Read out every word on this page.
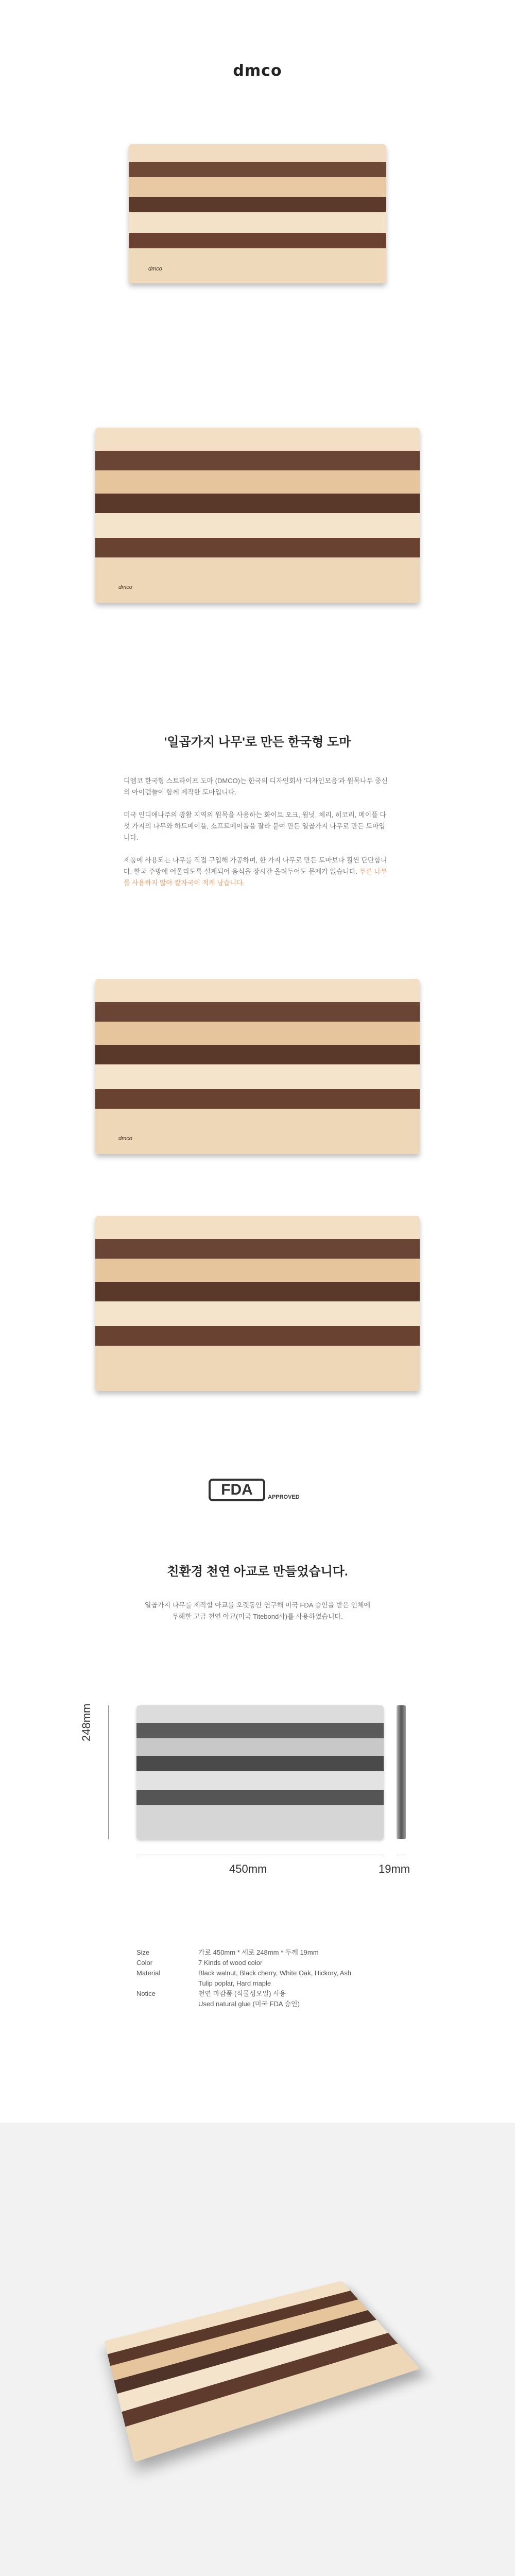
dmco
dmco
dmco
'일곱가지 나무'로 만든 한국형 도마

디엠코 한국형 스트라이프 도마 (DMCO)는 한국의 디자인회사 '디자인모음'과 원목나무 중신의 아이템들이 함께 제작한 도마입니다.

미국 인디애나주의 광활 지역의 원목을 사용하는 화이트 오크, 월넛, 체리, 히코리, 메이플 다섯 가지의 나무와 하드메이플, 소프트메이플을 잘라 붙여 만든 일곱가지 나무로 만든 도마입니다.

제품에 사용되는 나무를 직접 구입해 가공하며, 한 가지 나무로 만든 도마보다 훨씬 단단합니다. 한국 주방에 어울리도록 설계되어 음식을 장시간 올려두어도 문제가 없습니다. 무른 나무를 사용하지 않아 칼자국이 적게 남습니다.

dmco
FDA	APPROVED
친환경 천연 아교로 만들었습니다.

일곱가지 나무를 제작할 아교를 오랫동안 연구해 미국 FDA 승인을 받은 인체에

무해한 고급 천연 아교(미국 Titebond사)를 사용하였습니다.

248mm
450mm	19mm
Size	가로 450mm * 세로 248mm * 두께 19mm
Color	7 Kinds of wood color
Material	Black walnut, Black cherry, White Oak, Hickory, Ash
Tulip poplar, Hard maple
Notice	천연 마감품 (식물성오일) 사용
Used natural glue (미국 FDA 승인)
